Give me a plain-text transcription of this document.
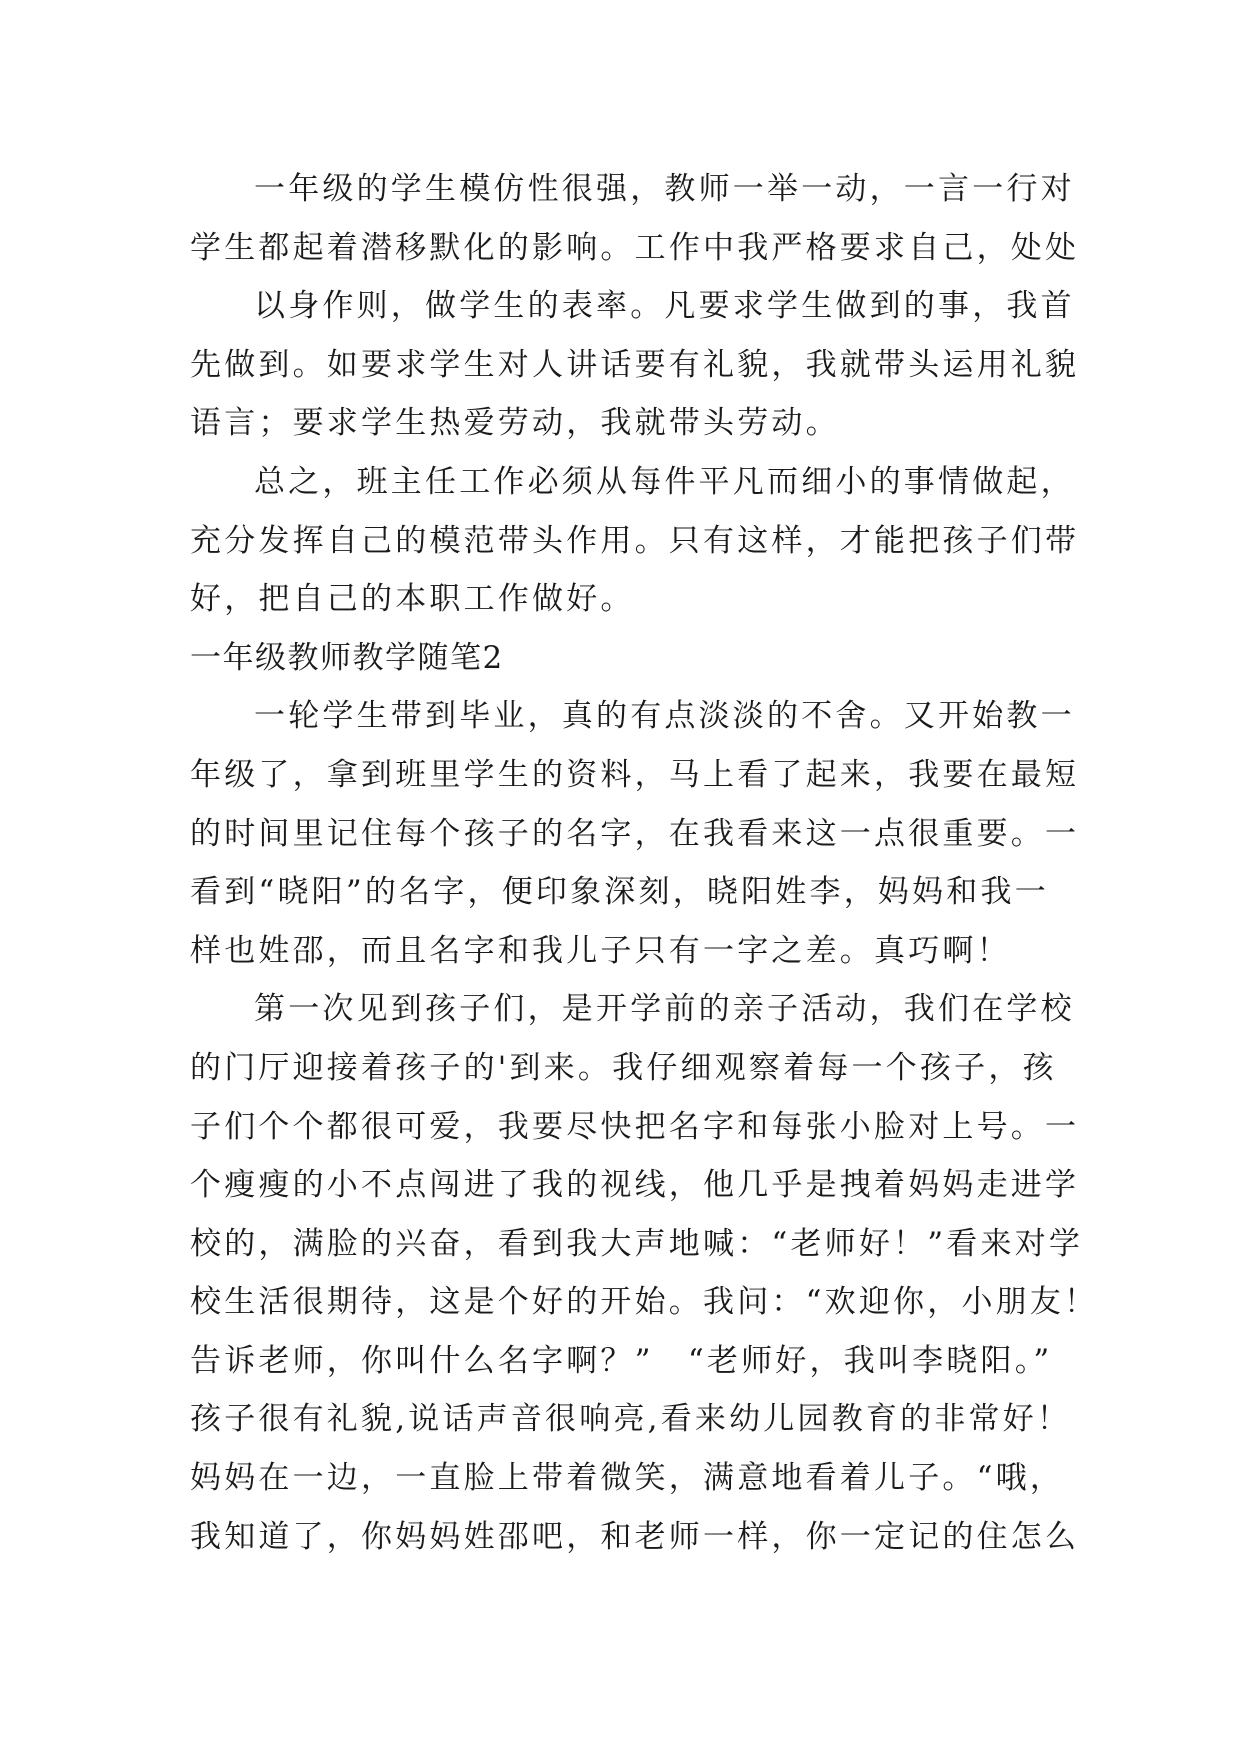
一年级的学生模仿性很强，教师一举一动，一言一行对
学生都起着潜移默化的影响。工作中我严格要求自己，处处
以身作则，做学生的表率。凡要求学生做到的事，我首
先做到。如要求学生对人讲话要有礼貌，我就带头运用礼貌
语言；要求学生热爱劳动，我就带头劳动。
总之，班主任工作必须从每件平凡而细小的事情做起，
充分发挥自己的模范带头作用。只有这样，才能把孩子们带
好，把自己的本职工作做好。
一年级教师教学随笔2
一轮学生带到毕业，真的有点淡淡的不舍。又开始教一
年级了，拿到班里学生的资料，马上看了起来，我要在最短
的时间里记住每个孩子的名字，在我看来这一点很重要。一
看到“晓阳”的名字，便印象深刻，晓阳姓李，妈妈和我一
样也姓邵，而且名字和我儿子只有一字之差。真巧啊！
第一次见到孩子们，是开学前的亲子活动，我们在学校
的门厅迎接着孩子的'到来。我仔细观察着每一个孩子，孩
子们个个都很可爱，我要尽快把名字和每张小脸对上号。一
个瘦瘦的小不点闯进了我的视线，他几乎是拽着妈妈走进学
校的，满脸的兴奋，看到我大声地喊：“老师好！”看来对学
校生活很期待，这是个好的开始。我问：“欢迎你，小朋友！
告诉老师，你叫什么名字啊？”　“老师好，我叫李晓阳。”
孩子很有礼貌,说话声音很响亮,看来幼儿园教育的非常好！
妈妈在一边，一直脸上带着微笑，满意地看着儿子。“哦，
我知道了，你妈妈姓邵吧，和老师一样，你一定记的住怎么
